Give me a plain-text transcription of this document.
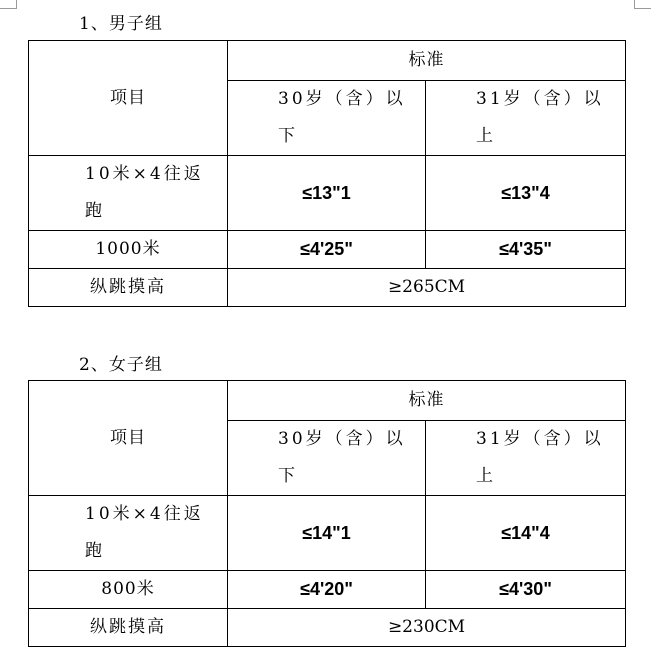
1、男子组
项目	标准	

	30岁（含）以下	31岁（含）以上

10米×4往返跑	≤13"1	≤13"4
1000米	≤4'25"	≤4'35"
纵跳摸高	≥265CM	
2、女子组
项目	标准	

	30岁（含）以下	31岁（含）以上

10米×4往返跑	≤14"1	≤14"4
800米	≤4'20"	≤4'30"
纵跳摸高	≥230CM	
